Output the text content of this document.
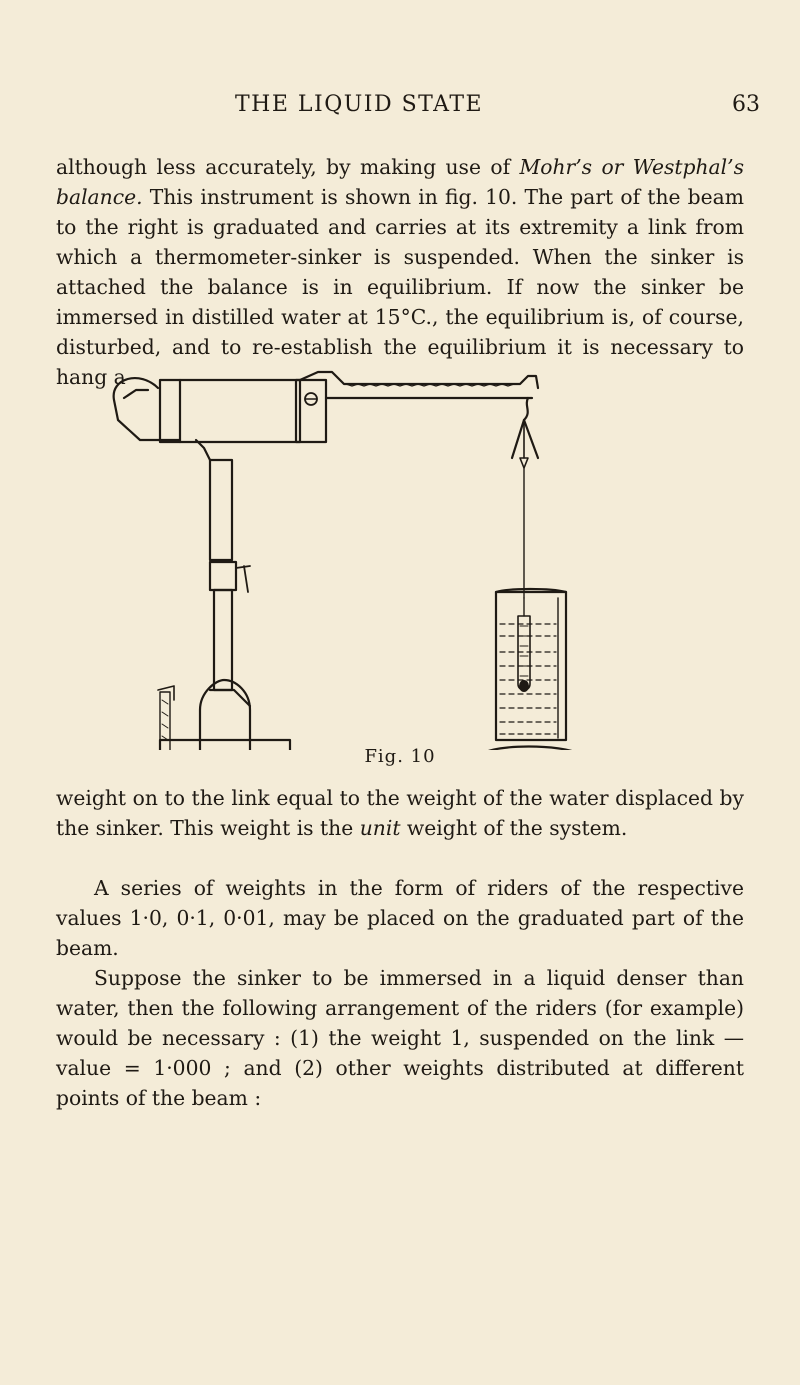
THE LIQUID STATE	63

although less accurately, by making use of Mohr’s or Westphal’s balance. This instrument is shown in fig. 10. The part of the beam to the right is graduated and carries at its extremity a link from which a thermometer-sinker is suspended. When the sinker is attached the balance is in equilibrium. If now the sinker be immersed in distilled water at 15°C., the equilibrium is, of course, disturbed, and to re-establish the equilibrium it is necessary to hang a

Fig. 10

weight on to the link equal to the weight of the water displaced by the sinker. This weight is the unit weight of the system.

A series of weights in the form of riders of the respective values 1·0, 0·1, 0·01, may be placed on the graduated part of the beam.

Suppose the sinker to be immersed in a liquid denser than water, then the following arrangement of the riders (for example) would be necessary : (1) the weight 1, suspended on the link — value = 1·000 ; and (2) other weights distributed at different points of the beam :
